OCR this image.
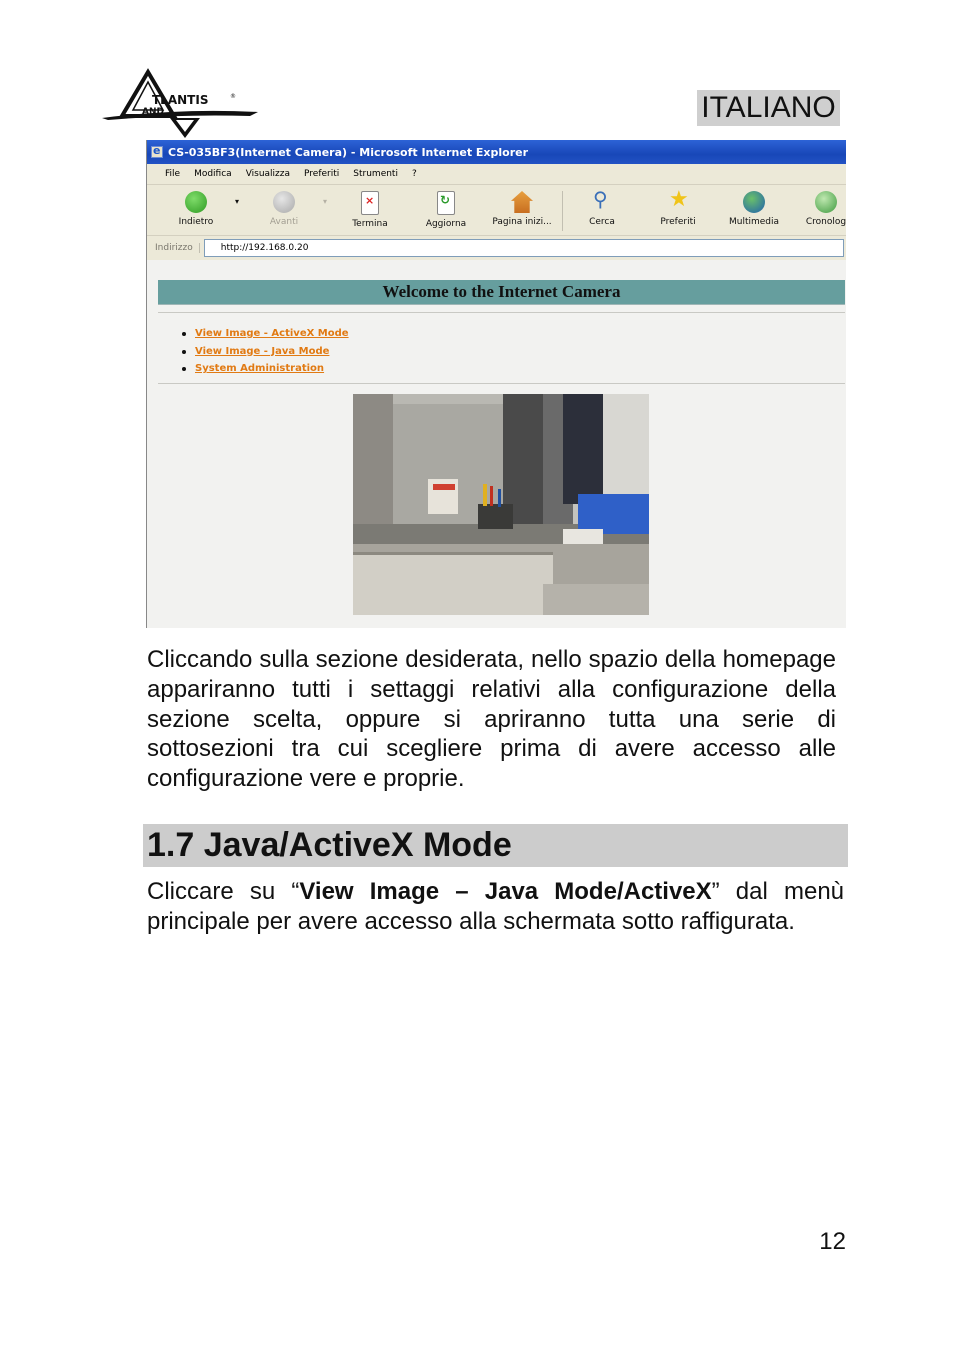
TLANTIS
AND
®	ITALIANO
e
CS-035BF3(Internet Camera) - Microsoft Internet Explorer
File Modifica Visualizza Preferiti Strumenti ?
Indietro
▾
Avanti
▾	×
Termina
↻
Aggiorna	Pagina inizi...
⚲
Cerca
★
Preferiti	Multimedia	Cronolog
Indirizzo	http://192.168.0.20
Welcome to the Internet Camera
View Image - ActiveX Mode
View Image - Java Mode
System Administration
Cliccando sulla sezione desiderata, nello spazio della homepage appariranno tutti i settaggi relativi alla configurazione della sezione scelta, oppure si apriranno tutta una serie di sottosezioni tra cui scegliere prima di avere accesso alle configurazione vere e proprie.
1.7 Java/ActiveX Mode
Cliccare su “View Image – Java Mode/ActiveX” dal menù principale per avere accesso alla schermata sotto raffigurata.
12
